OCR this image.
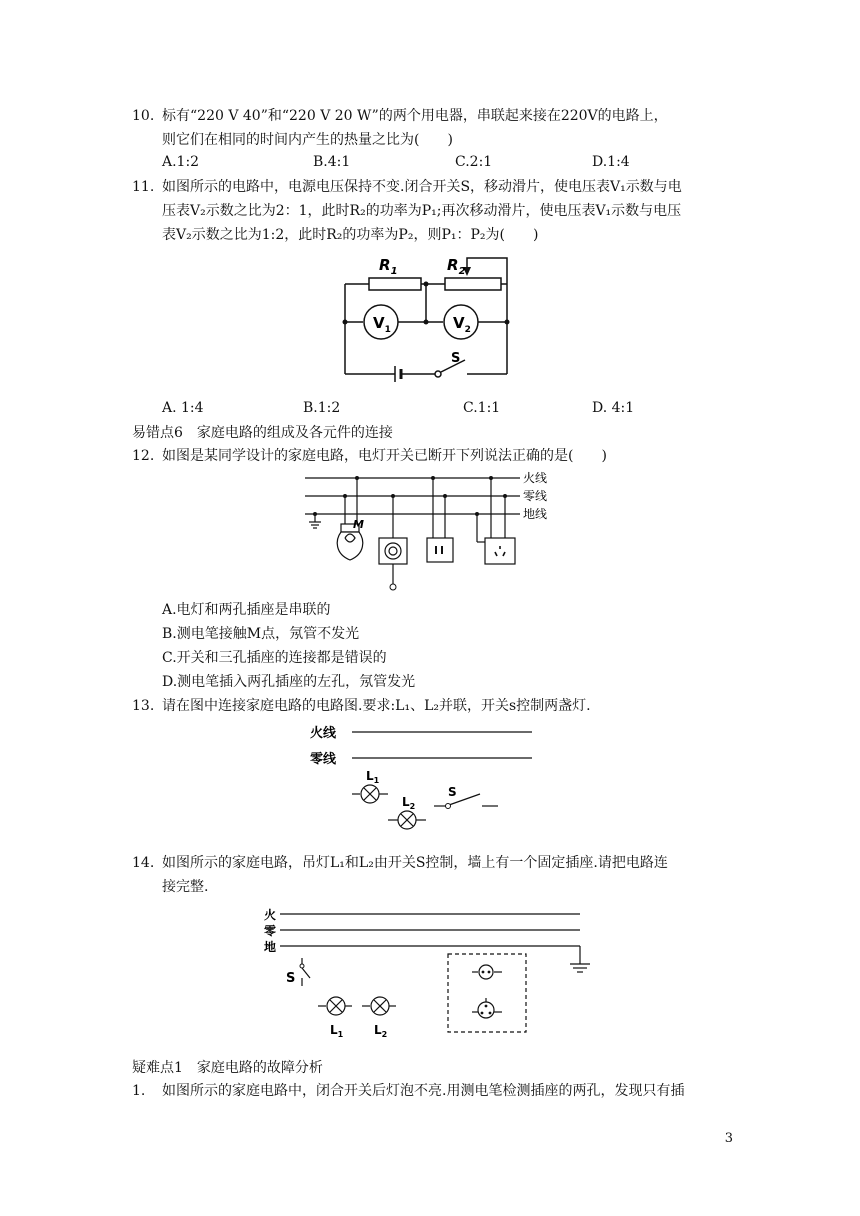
10. 标有“220 V 40”和“220 V 20 W”的两个用电器，串联起来接在220V的电路上，
则它们在相同的时间内产生的热量之比为(　　)
A.1:2	B.4:1	C.2:1	D.1:4
11. 如图所示的电路中，电源电压保持不变.闭合开关S，移动滑片，使电压表V₁示数与电
压表V₂示数之比为2：1，此时R₂的功率为P₁;再次移动滑片，使电压表V₁示数与电压
表V₂示数之比为1:2，此时R₂的功率为P₂，则P₁：P₂为(　　)
$R_1$	$R_2$
$V_1$	$V_2$
S
A. 1:4	B.1:2	C.1:1	D. 4:1
易错点6　家庭电路的组成及各元件的连接
12. 如图是某同学设计的家庭电路，电灯开关已断开下列说法正确的是(　　)
火线
零线
地线
M
A.电灯和两孔插座是串联的
B.测电笔接触M点，氖管不发光
C.开关和三孔插座的连接都是错误的
D.测电笔插入两孔插座的左孔，氖管发光
13. 请在图中连接家庭电路的电路图.要求:L₁、L₂并联，开关s控制两盏灯.
火线
零线
$L_1$
$L_2$
S
14. 如图所示的家庭电路，吊灯L₁和L₂由开关S控制，墙上有一个固定插座.请把电路连
接完整.
火
零
地
S
$L_1$	$L_2$
疑难点1　家庭电路的故障分析
1. 如图所示的家庭电路中，闭合开关后灯泡不亮.用测电笔检测插座的两孔，发现只有插
3
